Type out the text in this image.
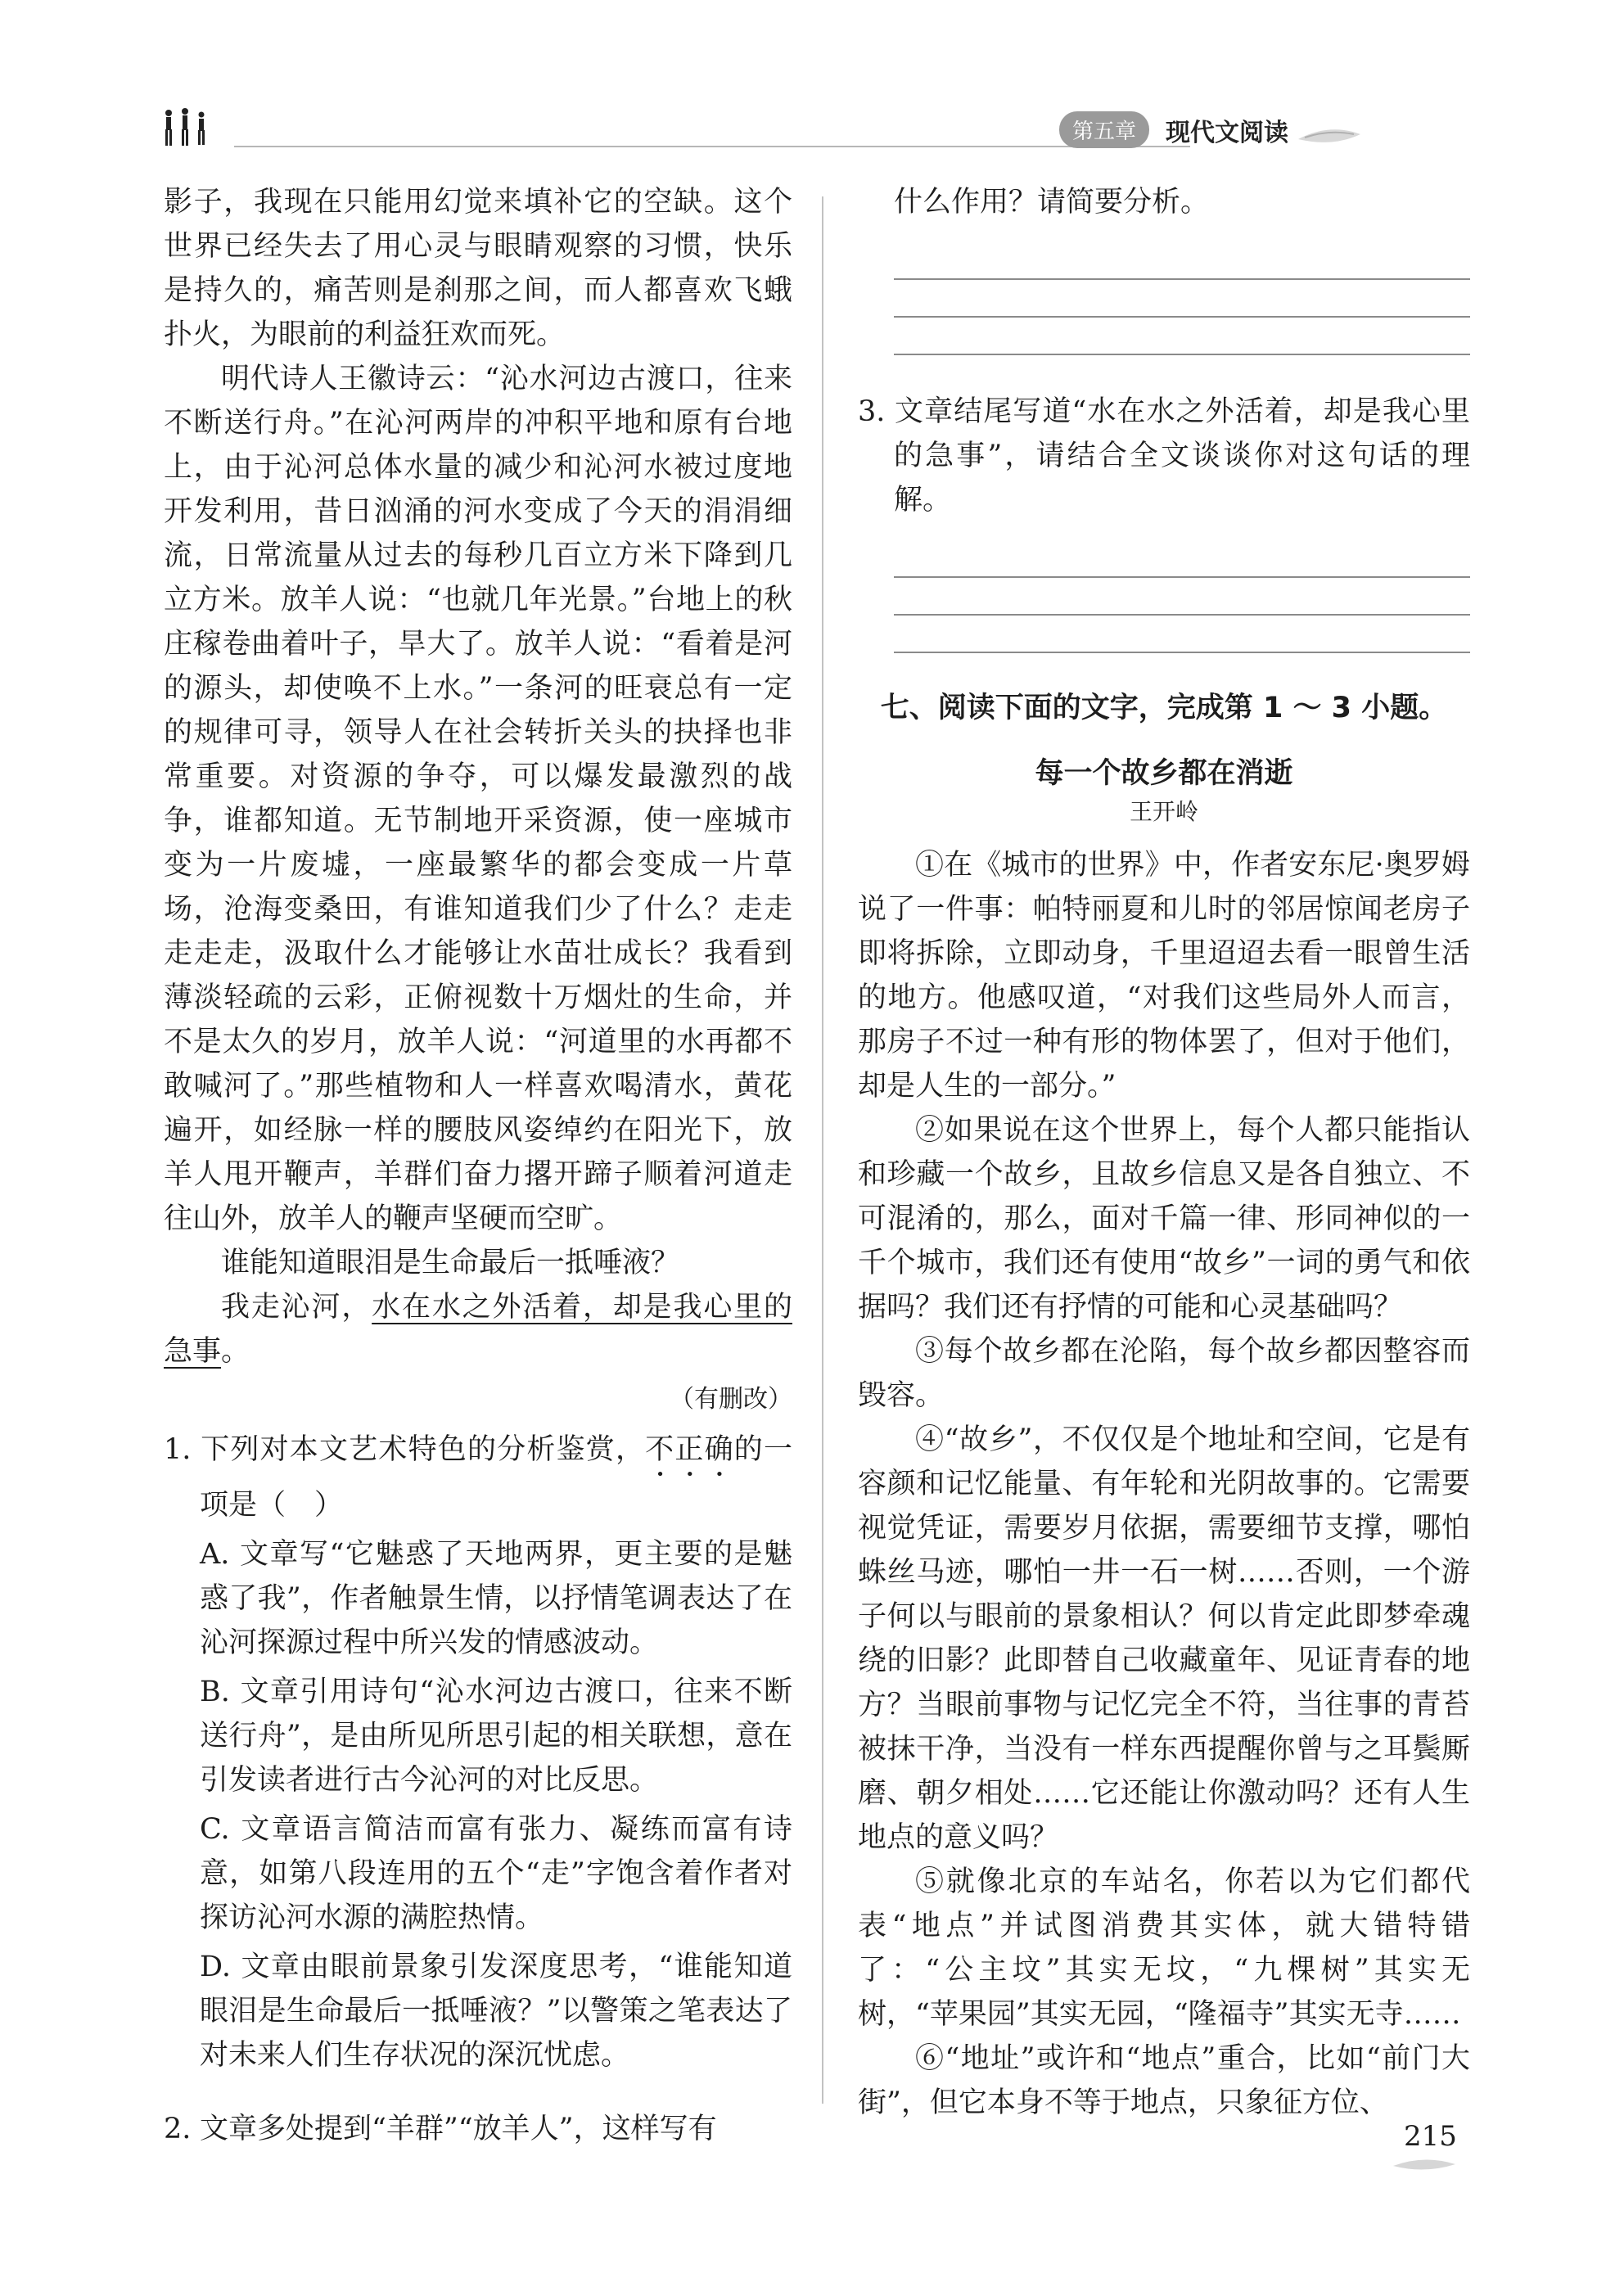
第五章	现代文阅读

影子，我现在只能用幻觉来填补它的空缺。这个世界已经失去了用心灵与眼睛观察的习惯，快乐是持久的，痛苦则是刹那之间，而人都喜欢飞蛾扑火，为眼前的利益狂欢而死。

明代诗人王徽诗云：“沁水河边古渡口，往来不断送行舟。”在沁河两岸的冲积平地和原有台地上，由于沁河总体水量的减少和沁河水被过度地开发利用，昔日汹涌的河水变成了今天的涓涓细流，日常流量从过去的每秒几百立方米下降到几立方米。放羊人说：“也就几年光景。”台地上的秋庄稼卷曲着叶子，旱大了。放羊人说：“看着是河的源头，却使唤不上水。”一条河的旺衰总有一定的规律可寻，领导人在社会转折关头的抉择也非常重要。对资源的争夺，可以爆发最激烈的战争，谁都知道。无节制地开采资源，使一座城市变为一片废墟，一座最繁华的都会变成一片草场，沧海变桑田，有谁知道我们少了什么？走走走走走，汲取什么才能够让水苗壮成长？我看到薄淡轻疏的云彩，正俯视数十万烟灶的生命，并不是太久的岁月，放羊人说：“河道里的水再都不敢喊河了。”那些植物和人一样喜欢喝清水，黄花遍开，如经脉一样的腰肢风姿绰约在阳光下，放羊人甩开鞭声，羊群们奋力撂开蹄子顺着河道走往山外，放羊人的鞭声坚硬而空旷。

谁能知道眼泪是生命最后一抵唾液？

我走沁河，水在水之外活着，却是我心里的急事。

（有删改）

1. 下列对本文艺术特色的分析鉴赏，不正确的一项是（　）
A. 文章写“它魅惑了天地两界，更主要的是魅惑了我”，作者触景生情，以抒情笔调表达了在沁河探源过程中所兴发的情感波动。
B. 文章引用诗句“沁水河边古渡口，往来不断送行舟”，是由所见所思引起的相关联想，意在引发读者进行古今沁河的对比反思。
C. 文章语言简洁而富有张力、凝练而富有诗意，如第八段连用的五个“走”字饱含着作者对探访沁河水源的满腔热情。
D. 文章由眼前景象引发深度思考，“谁能知道眼泪是生命最后一抵唾液？”以警策之笔表达了对未来人们生存状况的深沉忧虑。
2. 文章多处提到“羊群”“放羊人”，这样写有

什么作用？请简要分析。

3. 文章结尾写道“水在水之外活着，却是我心里的急事”，请结合全文谈谈你对这句话的理解。
七、阅读下面的文字，完成第 1 ～ 3 小题。
每一个故乡都在消逝
王开岭

①在《城市的世界》中，作者安东尼·奥罗姆说了一件事：帕特丽夏和儿时的邻居惊闻老房子即将拆除，立即动身，千里迢迢去看一眼曾生活的地方。他感叹道，“对我们这些局外人而言，那房子不过一种有形的物体罢了，但对于他们，却是人生的一部分。”

②如果说在这个世界上，每个人都只能指认和珍藏一个故乡，且故乡信息又是各自独立、不可混淆的，那么，面对千篇一律、形同神似的一千个城市，我们还有使用“故乡”一词的勇气和依据吗？我们还有抒情的可能和心灵基础吗？

③每个故乡都在沦陷，每个故乡都因整容而毁容。

④“故乡”，不仅仅是个地址和空间，它是有容颜和记忆能量、有年轮和光阴故事的。它需要视觉凭证，需要岁月依据，需要细节支撑，哪怕蛛丝马迹，哪怕一井一石一树……否则，一个游子何以与眼前的景象相认？何以肯定此即梦牵魂绕的旧影？此即替自己收藏童年、见证青春的地方？当眼前事物与记忆完全不符，当往事的青苔被抹干净，当没有一样东西提醒你曾与之耳鬓厮磨、朝夕相处……它还能让你激动吗？还有人生地点的意义吗？

⑤就像北京的车站名，你若以为它们都代表“地点”并试图消费其实体，就大错特错了：“公主坟”其实无坟，“九棵树”其实无树，“苹果园”其实无园，“隆福寺”其实无寺……

⑥“地址”或许和“地点”重合，比如“前门大街”，但它本身不等于地点，只象征方位、

215
